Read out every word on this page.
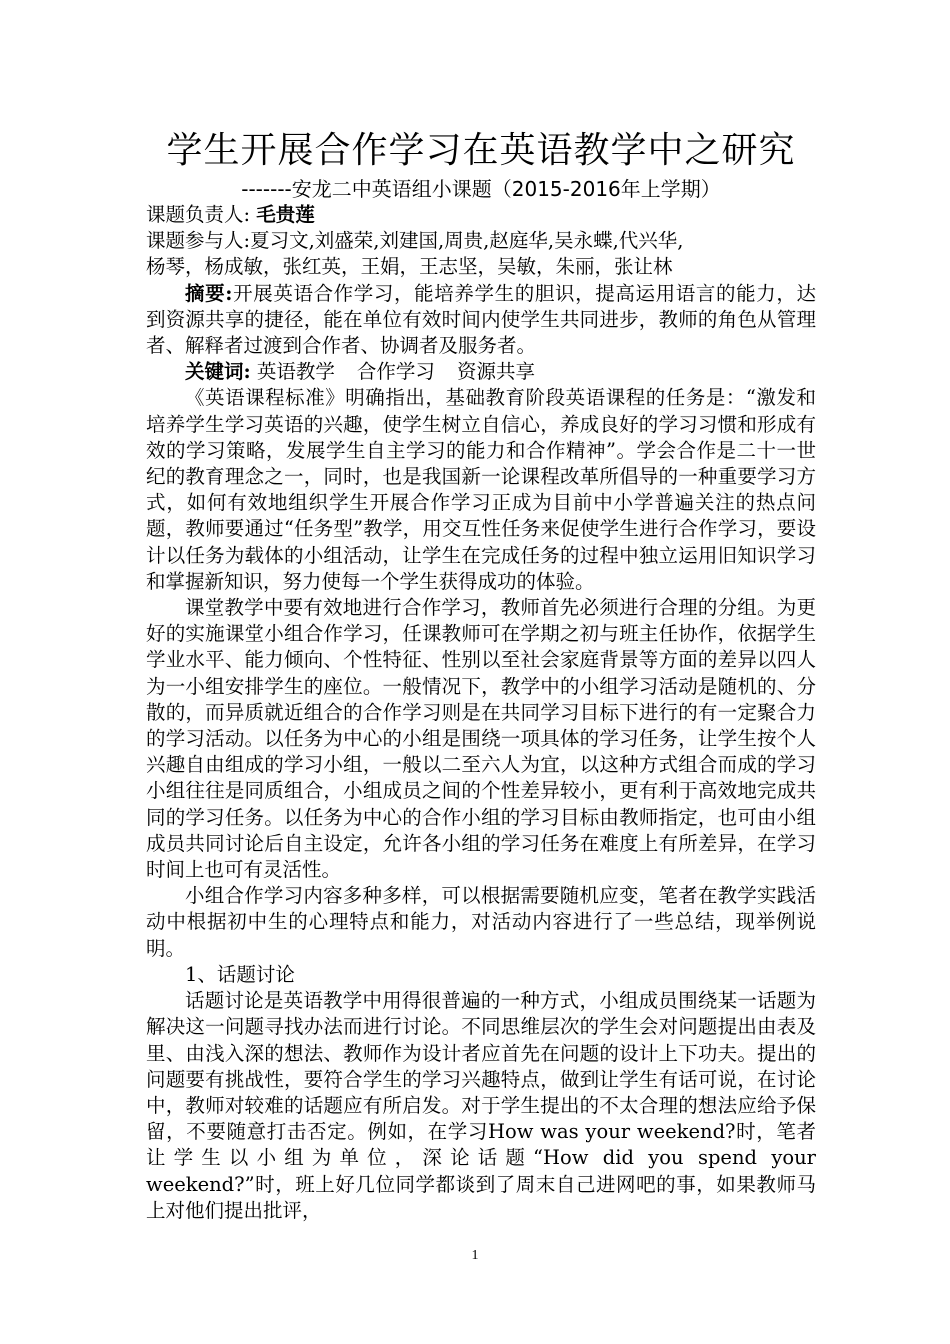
学生开展合作学习在英语教学中之研究

-------安龙二中英语组小课题（2015-2016年上学期）

课题负责人: 毛贵莲

课题参与人:夏习文,刘盛荣,刘建国,周贵,赵庭华,吴永蝶,代兴华,

杨琴，杨成敏，张红英，王娟，王志坚，吴敏，朱丽，张让林

摘要:开展英语合作学习，能培养学生的胆识，提高运用语言的能力，达到资源共享的捷径，能在单位有效时间内使学生共同进步，教师的角色从管理者、解释者过渡到合作者、协调者及服务者。

关键词: 英语教学 合作学习 资源共享

《英语课程标准》明确指出，基础教育阶段英语课程的任务是：“激发和培养学生学习英语的兴趣，使学生树立自信心，养成良好的学习习惯和形成有效的学习策略，发展学生自主学习的能力和合作精神”。学会合作是二十一世纪的教育理念之一，同时，也是我国新一论课程改革所倡导的一种重要学习方式，如何有效地组织学生开展合作学习正成为目前中小学普遍关注的热点问题，教师要通过“任务型”教学，用交互性任务来促使学生进行合作学习，要设计以任务为载体的小组活动，让学生在完成任务的过程中独立运用旧知识学习和掌握新知识，努力使每一个学生获得成功的体验。

课堂教学中要有效地进行合作学习，教师首先必须进行合理的分组。为更好的实施课堂小组合作学习，任课教师可在学期之初与班主任协作，依据学生学业水平、能力倾向、个性特征、性别以至社会家庭背景等方面的差异以四人为一小组安排学生的座位。一般情况下，教学中的小组学习活动是随机的、分散的，而异质就近组合的合作学习则是在共同学习目标下进行的有一定聚合力的学习活动。以任务为中心的小组是围绕一项具体的学习任务，让学生按个人兴趣自由组成的学习小组，一般以二至六人为宜，以这种方式组合而成的学习小组往往是同质组合，小组成员之间的个性差异较小，更有利于高效地完成共同的学习任务。以任务为中心的合作小组的学习目标由教师指定，也可由小组成员共同讨论后自主设定，允许各小组的学习任务在难度上有所差异，在学习时间上也可有灵活性。

小组合作学习内容多种多样，可以根据需要随机应变，笔者在教学实践活动中根据初中生的心理特点和能力，对活动内容进行了一些总结，现举例说明。

1、话题讨论

话题讨论是英语教学中用得很普遍的一种方式，小组成员围绕某一话题为解决这一问题寻找办法而进行讨论。不同思维层次的学生会对问题提出由表及里、由浅入深的想法、教师作为设计者应首先在问题的设计上下功夫。提出的问题要有挑战性，要符合学生的学习兴趣特点，做到让学生有话可说，在讨论中，教师对较难的话题应有所启发。对于学生提出的不太合理的想法应给予保留，不要随意打击否定。例如，在学习How was your weekend?时，笔者让学生以小组为单位，深论话题“How did you spend your weekend?”时，班上好几位同学都谈到了周末自己进网吧的事，如果教师马上对他们提出批评，

1
